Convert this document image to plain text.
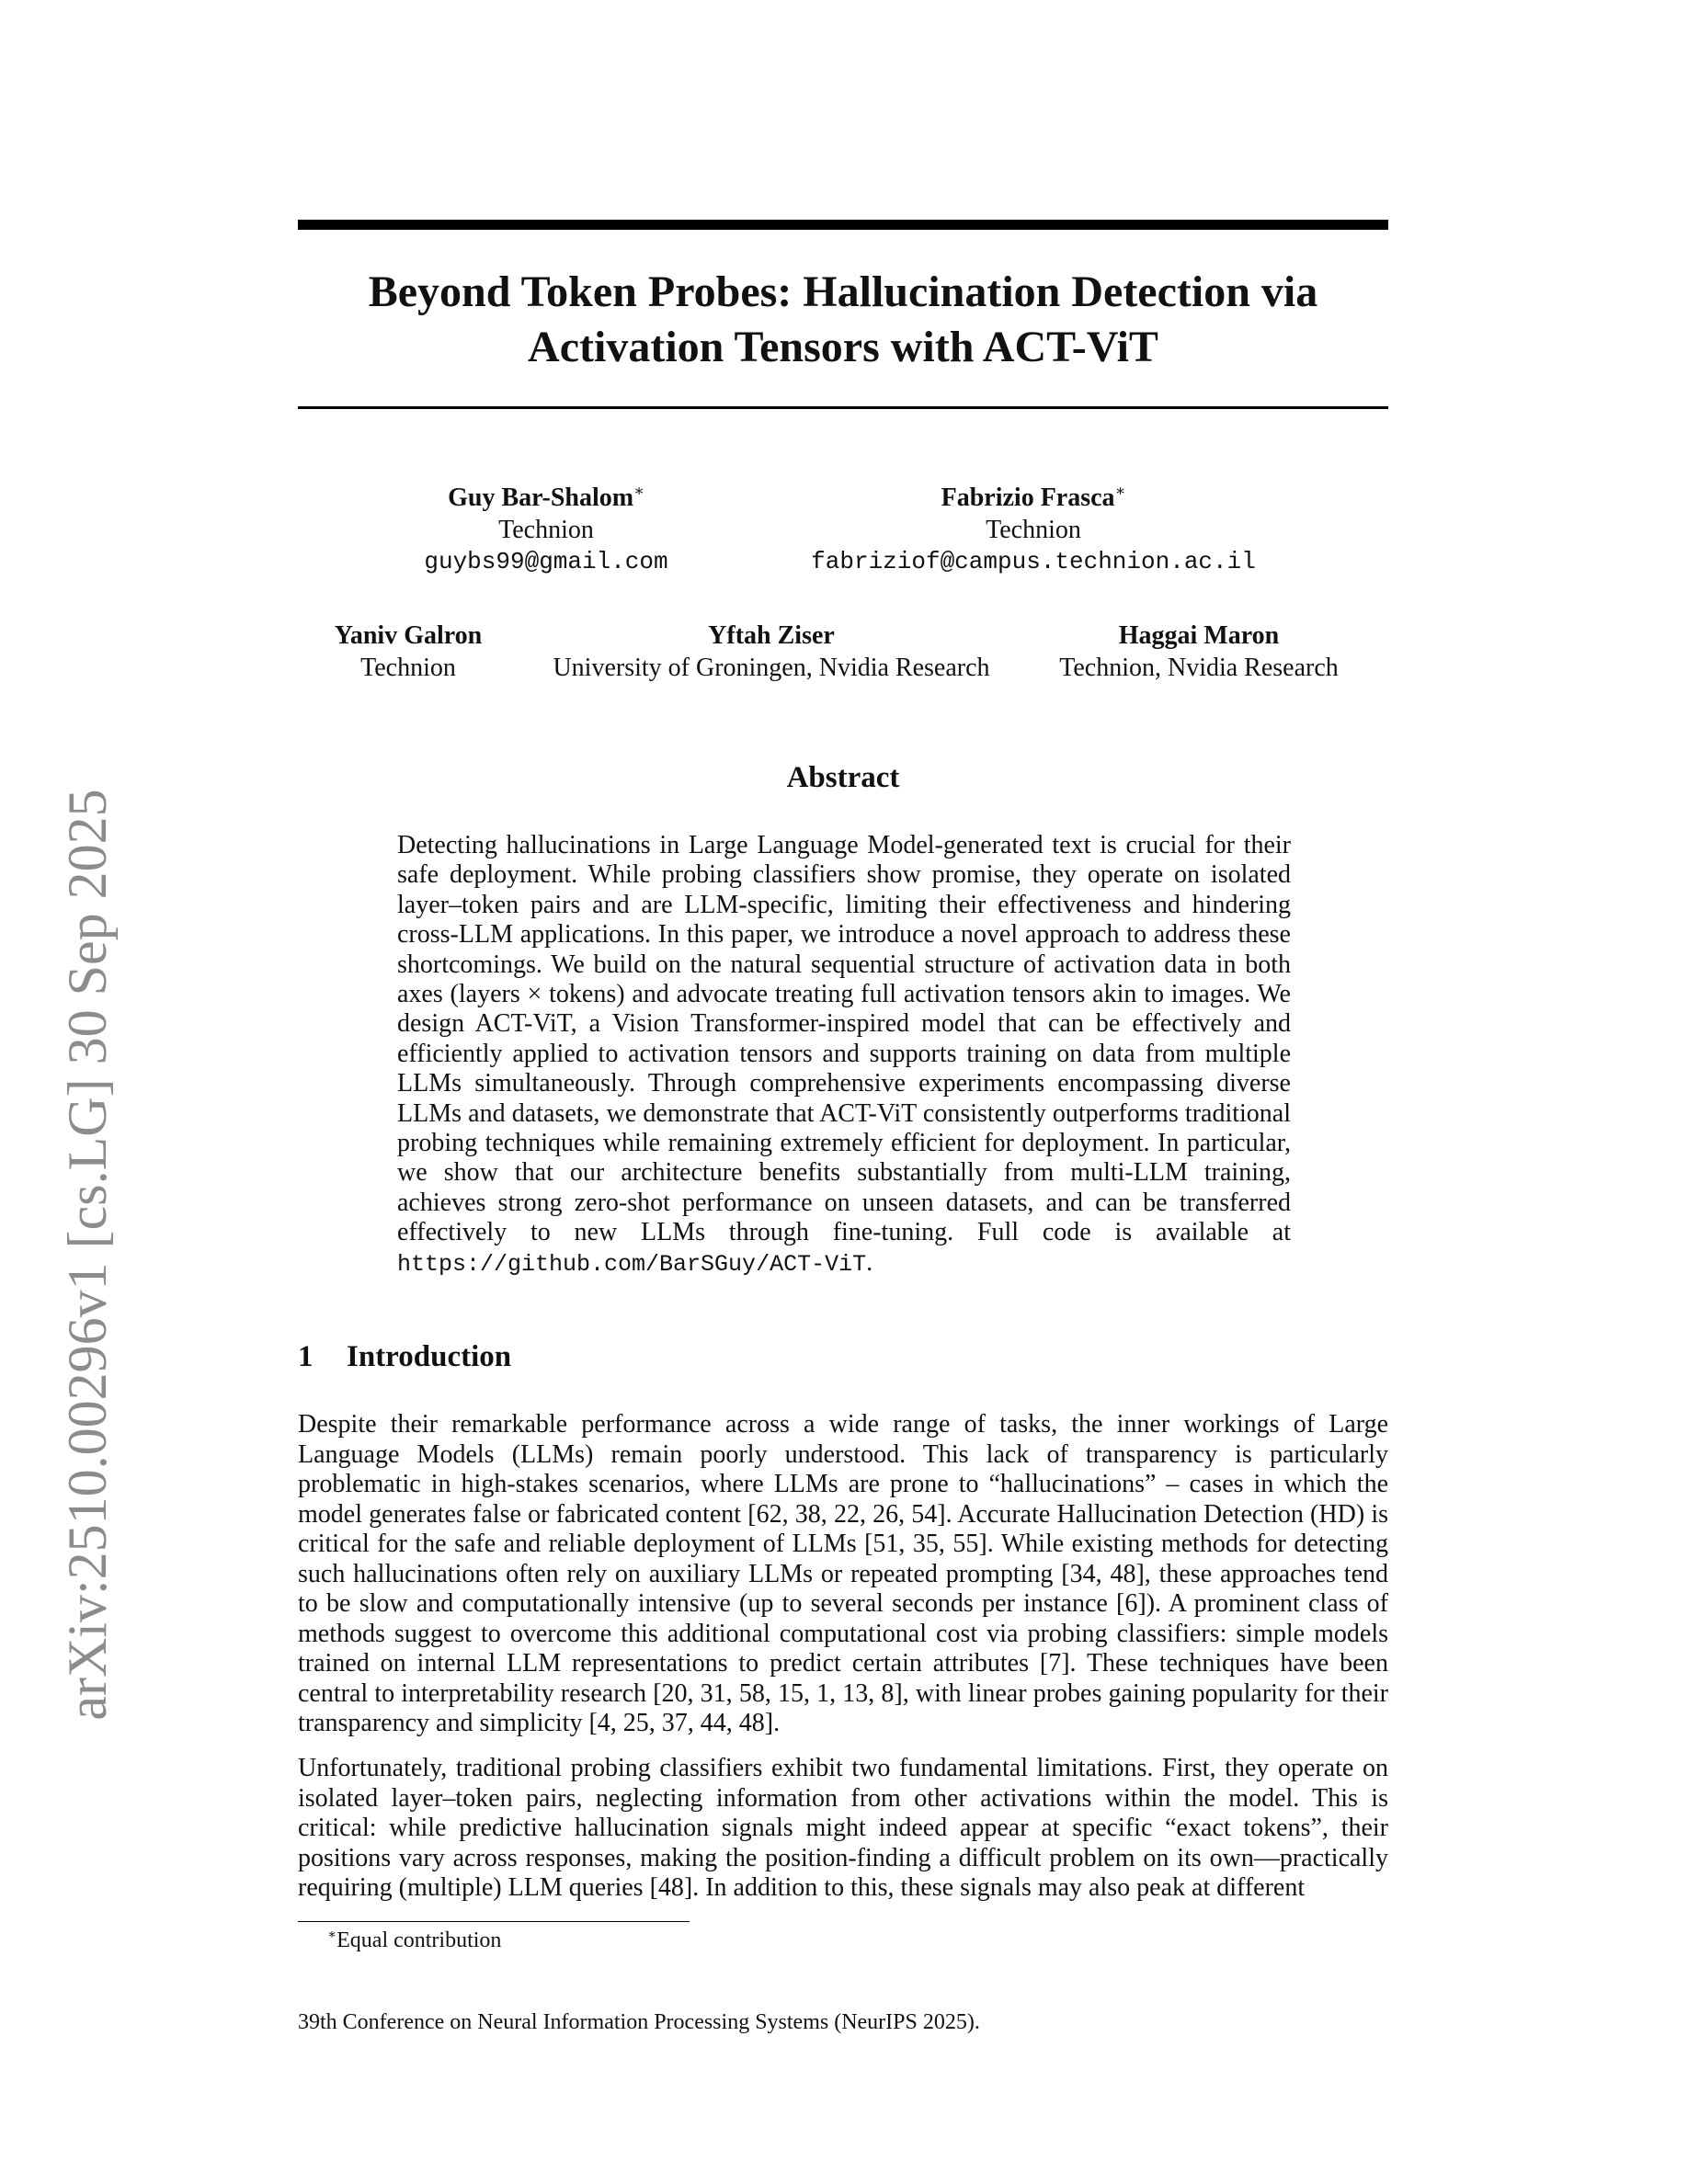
arXiv:2510.00296v1 [cs.LG] 30 Sep 2025
Beyond Token Probes: Hallucination Detection via Activation Tensors with ACT-ViT
Guy Bar-Shalom∗
Technion
guybs99@gmail.com
Fabrizio Frasca∗
Technion
fabriziof@campus.technion.ac.il
Yaniv Galron
Technion
Yftah Ziser
University of Groningen, Nvidia Research
Haggai Maron
Technion, Nvidia Research
Abstract

Detecting hallucinations in Large Language Model-generated text is crucial for their safe deployment. While probing classifiers show promise, they operate on isolated layer–token pairs and are LLM-specific, limiting their effectiveness and hindering cross-LLM applications. In this paper, we introduce a novel approach to address these shortcomings. We build on the natural sequential structure of activation data in both axes (layers × tokens) and advocate treating full activation tensors akin to images. We design ACT-ViT, a Vision Transformer-inspired model that can be effectively and efficiently applied to activation tensors and supports training on data from multiple LLMs simultaneously. Through comprehensive experiments encompassing diverse LLMs and datasets, we demonstrate that ACT-ViT consistently outperforms traditional probing techniques while remaining extremely efficient for deployment. In particular, we show that our architecture benefits substantially from multi-LLM training, achieves strong zero-shot performance on unseen datasets, and can be transferred effectively to new LLMs through fine-tuning. Full code is available at https://github.com/BarSGuy/ACT-ViT.

1 Introduction

Despite their remarkable performance across a wide range of tasks, the inner workings of Large Language Models (LLMs) remain poorly understood. This lack of transparency is particularly problematic in high-stakes scenarios, where LLMs are prone to “hallucinations” – cases in which the model generates false or fabricated content [62, 38, 22, 26, 54]. Accurate Hallucination Detection (HD) is critical for the safe and reliable deployment of LLMs [51, 35, 55]. While existing methods for detecting such hallucinations often rely on auxiliary LLMs or repeated prompting [34, 48], these approaches tend to be slow and computationally intensive (up to several seconds per instance [6]). A prominent class of methods suggest to overcome this additional computational cost via probing classifiers: simple models trained on internal LLM representations to predict certain attributes [7]. These techniques have been central to interpretability research [20, 31, 58, 15, 1, 13, 8], with linear probes gaining popularity for their transparency and simplicity [4, 25, 37, 44, 48].

Unfortunately, traditional probing classifiers exhibit two fundamental limitations. First, they operate on isolated layer–token pairs, neglecting information from other activations within the model. This is critical: while predictive hallucination signals might indeed appear at specific “exact tokens”, their positions vary across responses, making the position-finding a difficult problem on its own—practically requiring (multiple) LLM queries [48]. In addition to this, these signals may also peak at different

∗Equal contribution
39th Conference on Neural Information Processing Systems (NeurIPS 2025).
